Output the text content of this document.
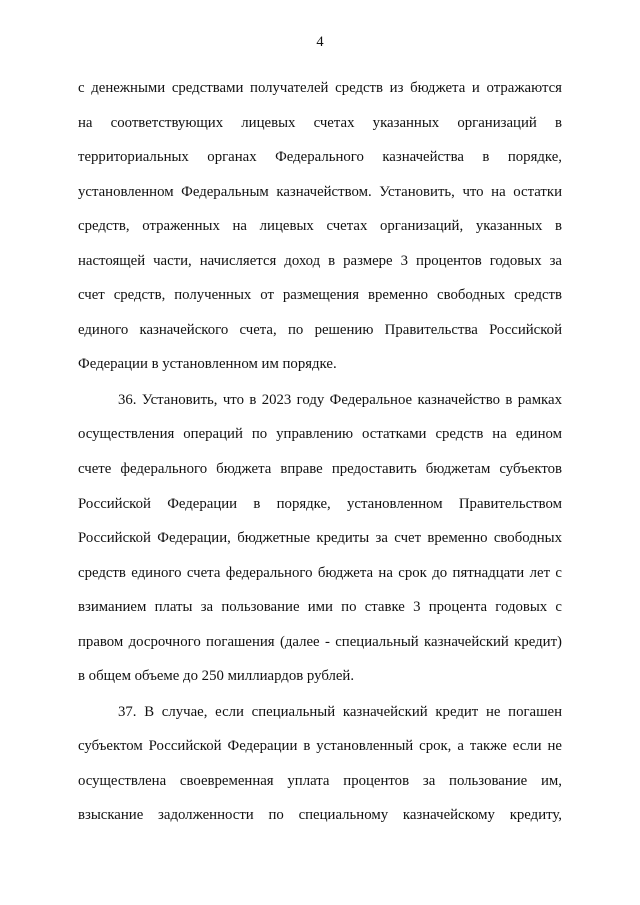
4
с денежными средствами получателей средств из бюджета и отражаются
на соответствующих лицевых счетах указанных организаций в
территориальных органах Федерального казначейства в порядке,
установленном Федеральным казначейством. Установить, что на остатки
средств, отраженных на лицевых счетах организаций, указанных в
настоящей части, начисляется доход в размере 3 процентов годовых за
счет средств, полученных от размещения временно свободных средств
единого казначейского счета, по решению Правительства Российской
Федерации в установленном им порядке.
36. Установить, что в 2023 году Федеральное казначейство в рамках
осуществления операций по управлению остатками средств на едином
счете федерального бюджета вправе предоставить бюджетам субъектов
Российской Федерации в порядке, установленном Правительством
Российской Федерации, бюджетные кредиты за счет временно свободных
средств единого счета федерального бюджета на срок до пятнадцати лет с
взиманием платы за пользование ими по ставке 3 процента годовых с
правом досрочного погашения (далее - специальный казначейский кредит)
в общем объеме до 250 миллиардов рублей.
37. В случае, если специальный казначейский кредит не погашен
субъектом Российской Федерации в установленный срок, а также если не
осуществлена своевременная уплата процентов за пользование им,
взыскание задолженности по специальному казначейскому кредиту,
